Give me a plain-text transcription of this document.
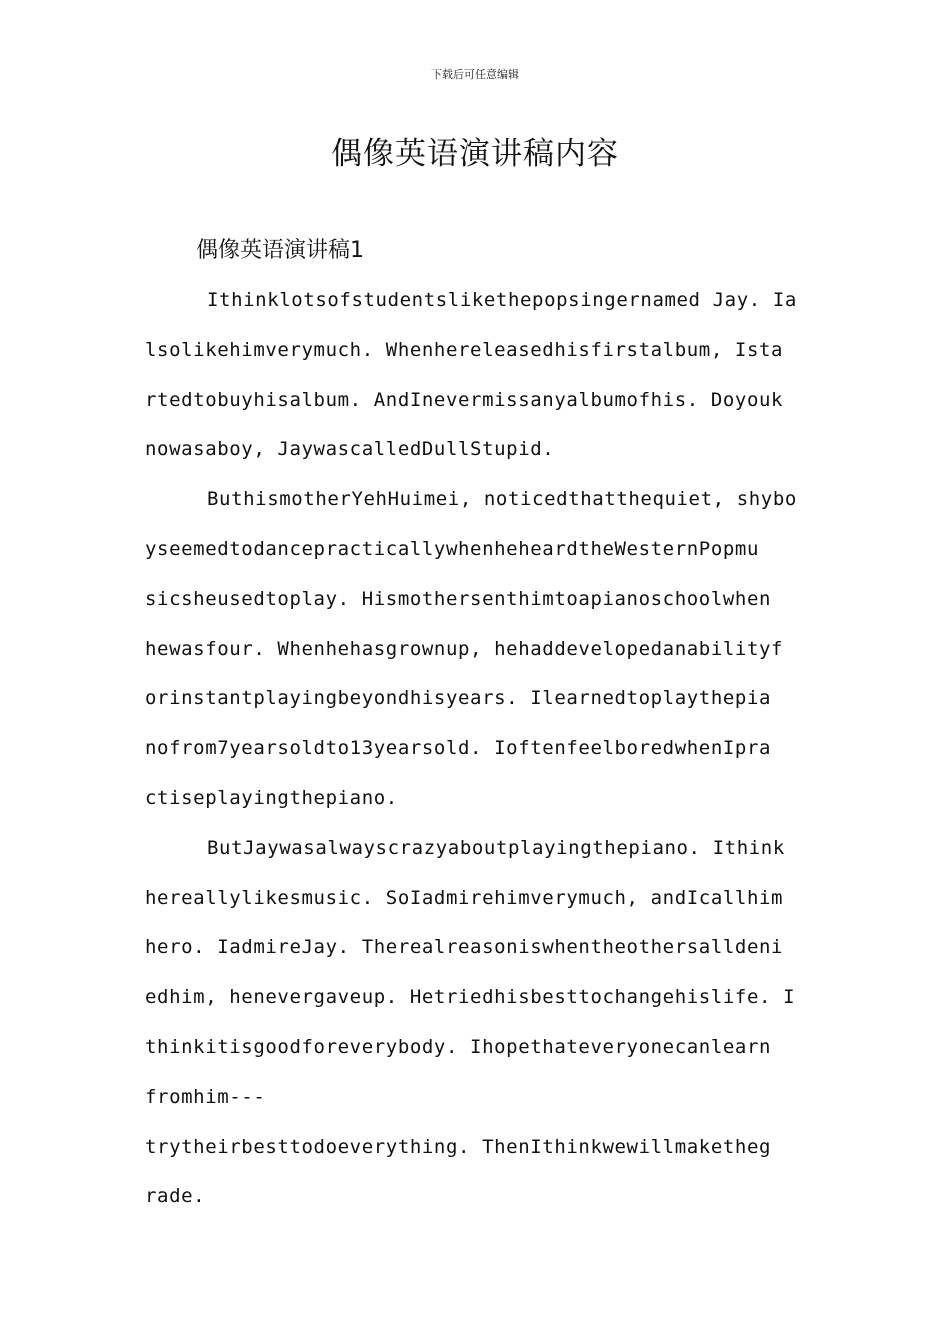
下载后可任意编辑
偶像英语演讲稿内容
偶像英语演讲稿1
Ithinklotsofstudentslikethepopsingernamed Jay. Ia
lsolikehimverymuch. Whenhereleasedhisfirstalbum, Ista
rtedtobuyhisalbum. AndInevermissanyalbumofhis. Doyouk
nowasaboy, JaywascalledDullStupid.
ButhismotherYehHuimei, noticedthatthequiet, shybo
yseemedtodancepracticallywhenheheardtheWesternPopmu
sicsheusedtoplay. Hismothersenthimtoapianoschoolwhen
hewasfour. Whenhehasgrownup, hehaddevelopedanabilityf
orinstantplayingbeyondhisyears. Ilearnedtoplaythepia
nofrom7yearsoldto13yearsold. IoftenfeelboredwhenIpra
ctiseplayingthepiano.
ButJaywasalwayscrazyaboutplayingthepiano. Ithink
hereallylikesmusic. SoIadmirehimverymuch, andIcallhim
hero. IadmireJay. Therealreasoniswhentheothersalldeni
edhim, henevergaveup. Hetriedhisbesttochangehislife. I
thinkitisgoodforeverybody. Ihopethateveryonecanlearn
fromhim---
trytheirbesttodoeverything. ThenIthinkwewillmaketheg
rade.
